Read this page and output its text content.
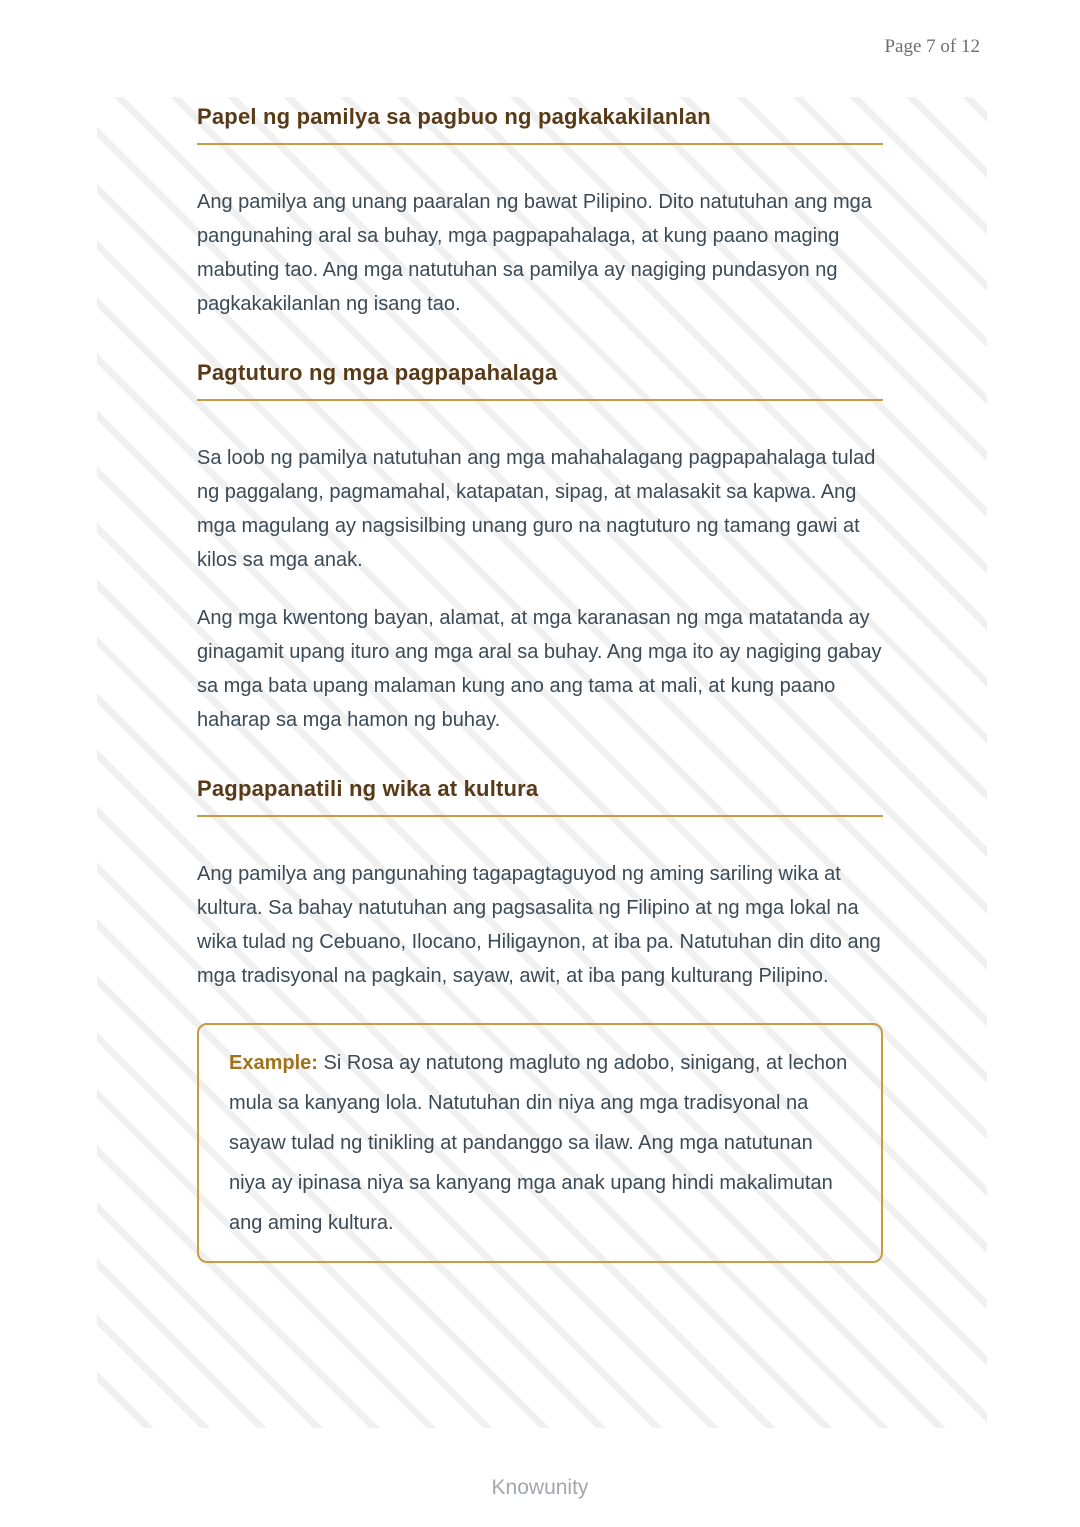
Page 7 of 12
Papel ng pamilya sa pagbuo ng pagkakakilanlan

Ang pamilya ang unang paaralan ng bawat Pilipino. Dito natutuhan ang mga pangunahing aral sa buhay, mga pagpapahalaga, at kung paano maging mabuting tao. Ang mga natutuhan sa pamilya ay nagiging pundasyon ng pagkakakilanlan ng isang tao.

Pagtuturo ng mga pagpapahalaga

Sa loob ng pamilya natutuhan ang mga mahahalagang pagpapahalaga tulad ng paggalang, pagmamahal, katapatan, sipag, at malasakit sa kapwa. Ang mga magulang ay nagsisilbing unang guro na nagtuturo ng tamang gawi at kilos sa mga anak.

Ang mga kwentong bayan, alamat, at mga karanasan ng mga matatanda ay ginagamit upang ituro ang mga aral sa buhay. Ang mga ito ay nagiging gabay sa mga bata upang malaman kung ano ang tama at mali, at kung paano haharap sa mga hamon ng buhay.

Pagpapanatili ng wika at kultura

Ang pamilya ang pangunahing tagapagtaguyod ng aming sariling wika at kultura. Sa bahay natutuhan ang pagsasalita ng Filipino at ng mga lokal na wika tulad ng Cebuano, Ilocano, Hiligaynon, at iba pa. Natutuhan din dito ang mga tradisyonal na pagkain, sayaw, awit, at iba pang kulturang Pilipino.

Example: Si Rosa ay natutong magluto ng adobo, sinigang, at lechon mula sa kanyang lola. Natutuhan din niya ang mga tradisyonal na sayaw tulad ng tinikling at pandanggo sa ilaw. Ang mga natutunan niya ay ipinasa niya sa kanyang mga anak upang hindi makalimutan ang aming kultura.

Knowunity
